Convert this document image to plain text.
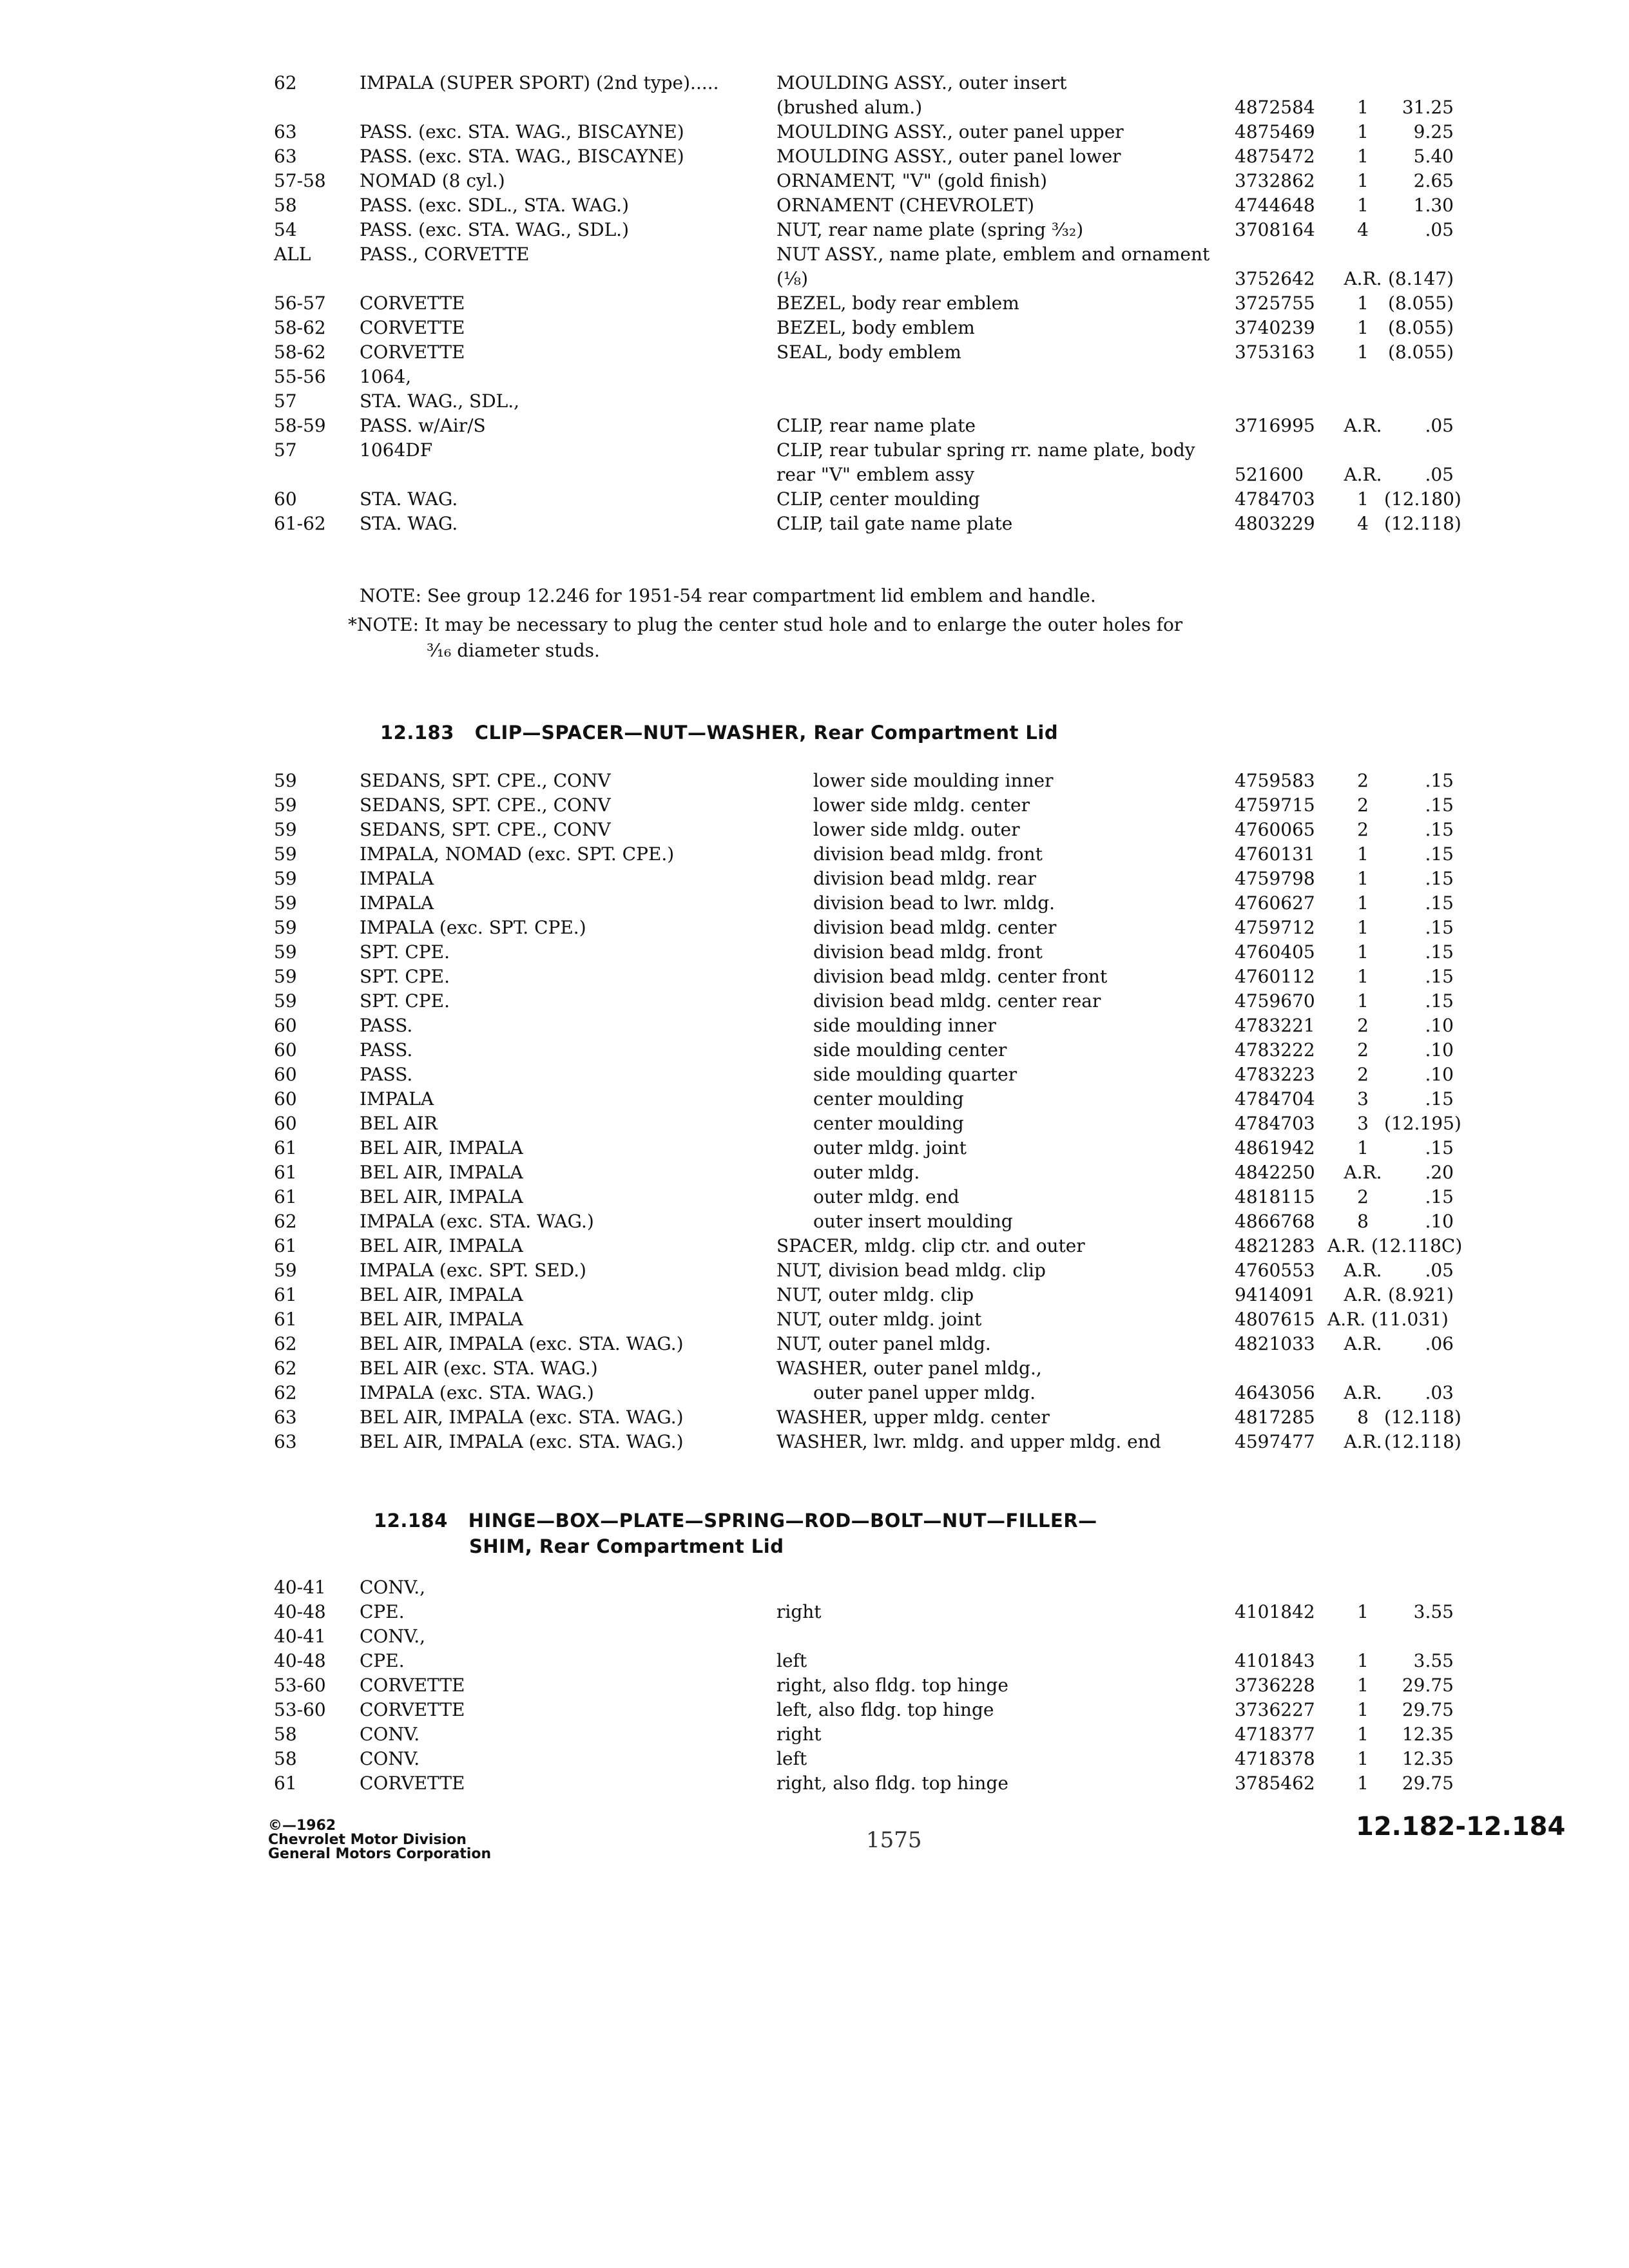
62	IMPALA (SUPER SPORT) (2nd type).....	MOULDING ASSY., outer insert
(brushed alum.)	4872584	1	31.25
63	PASS. (exc. STA. WAG., BISCAYNE)	MOULDING ASSY., outer panel upper	4875469	1	9.25
63	PASS. (exc. STA. WAG., BISCAYNE)	MOULDING ASSY., outer panel lower	4875472	1	5.40
57-58 NOMAD (8 cyl.)	ORNAMENT, "V" (gold finish)	3732862	1	2.65
58	PASS. (exc. SDL., STA. WAG.)	ORNAMENT (CHEVROLET)	4744648	1	1.30
54	PASS. (exc. STA. WAG., SDL.)	NUT, rear name plate (spring ³⁄₃₂)	3708164	4	.05
ALL	PASS., CORVETTE	NUT ASSY., name plate, emblem and ornament
(⅛)	3752642 A.R. (8.147)
56-57 CORVETTE	BEZEL, body rear emblem	3725755	1	(8.055)
58-62 CORVETTE	BEZEL, body emblem	3740239	1	(8.055)
58-62 CORVETTE	SEAL, body emblem	3753163	1	(8.055)
55-56 1064,
57	STA. WAG., SDL.,
58-59 PASS. w/Air/S	CLIP, rear name plate	3716995 A.R.	.05
57	1064DF	CLIP, rear tubular spring rr. name plate, body
rear "V" emblem assy	521600 A.R.	.05
60	STA. WAG.	CLIP, center moulding	4784703	1 (12.180)
61-62 STA. WAG.	CLIP, tail gate name plate	4803229	4 (12.118)
NOTE: See group 12.246 for 1951-54 rear compartment lid emblem and handle.
*NOTE: It may be necessary to plug the center stud hole and to enlarge the outer holes for
³⁄₁₆ diameter studs.
12.183 CLIP—SPACER—NUT—WASHER, Rear Compartment Lid
59	SEDANS, SPT. CPE., CONV	lower side moulding inner	4759583	2	.15
59	SEDANS, SPT. CPE., CONV	lower side mldg. center	4759715	2	.15
59	SEDANS, SPT. CPE., CONV	lower side mldg. outer	4760065	2	.15
59	IMPALA, NOMAD (exc. SPT. CPE.)	division bead mldg. front	4760131	1	.15
59	IMPALA	division bead mldg. rear	4759798	1	.15
59	IMPALA	division bead to lwr. mldg.	4760627	1	.15
59	IMPALA (exc. SPT. CPE.)	division bead mldg. center	4759712	1	.15
59	SPT. CPE.	division bead mldg. front	4760405	1	.15
59	SPT. CPE.	division bead mldg. center front	4760112	1	.15
59	SPT. CPE.	division bead mldg. center rear	4759670	1	.15
60	PASS.	side moulding inner	4783221	2	.10
60	PASS.	side moulding center	4783222	2	.10
60	PASS.	side moulding quarter	4783223	2	.10
60	IMPALA	center moulding	4784704	3	.15
60	BEL AIR	center moulding	4784703	3 (12.195)
61	BEL AIR, IMPALA	outer mldg. joint	4861942	1	.15
61	BEL AIR, IMPALA	outer mldg.	4842250 A.R.	.20
61	BEL AIR, IMPALA	outer mldg. end	4818115	2	.15
62	IMPALA (exc. STA. WAG.)	outer insert moulding	4866768	8	.10
61	BEL AIR, IMPALA	SPACER, mldg. clip ctr. and outer	4821283 A.R. (12.118C)
59	IMPALA (exc. SPT. SED.)	NUT, division bead mldg. clip	4760553 A.R.	.05
61	BEL AIR, IMPALA	NUT, outer mldg. clip	9414091 A.R. (8.921)
61	BEL AIR, IMPALA	NUT, outer mldg. joint	4807615 A.R. (11.031)
62	BEL AIR, IMPALA (exc. STA. WAG.)	NUT, outer panel mldg.	4821033 A.R.	.06
62	BEL AIR (exc. STA. WAG.)	WASHER, outer panel mldg.,
62	IMPALA (exc. STA. WAG.)	outer panel upper mldg.	4643056 A.R.	.03
63	BEL AIR, IMPALA (exc. STA. WAG.)	WASHER, upper mldg. center	4817285	8 (12.118)
63	BEL AIR, IMPALA (exc. STA. WAG.)	WASHER, lwr. mldg. and upper mldg. end	4597477 A.R. (12.118)
12.184 HINGE—BOX—PLATE—SPRING—ROD—BOLT—NUT—FILLER—
SHIM, Rear Compartment Lid
40-41 CONV.,
40-48 CPE.	right	4101842	1	3.55
40-41 CONV.,
40-48 CPE.	left	4101843	1	3.55
53-60 CORVETTE	right, also fldg. top hinge	3736228	1	29.75
53-60 CORVETTE	left, also fldg. top hinge	3736227	1	29.75
58	CONV.	right	4718377	1	12.35
58	CONV.	left	4718378	1	12.35
61	CORVETTE	right, also fldg. top hinge	3785462	1	29.75
©—1962
Chevrolet Motor Division
General Motors Corporation
1575	12.182-12.184
